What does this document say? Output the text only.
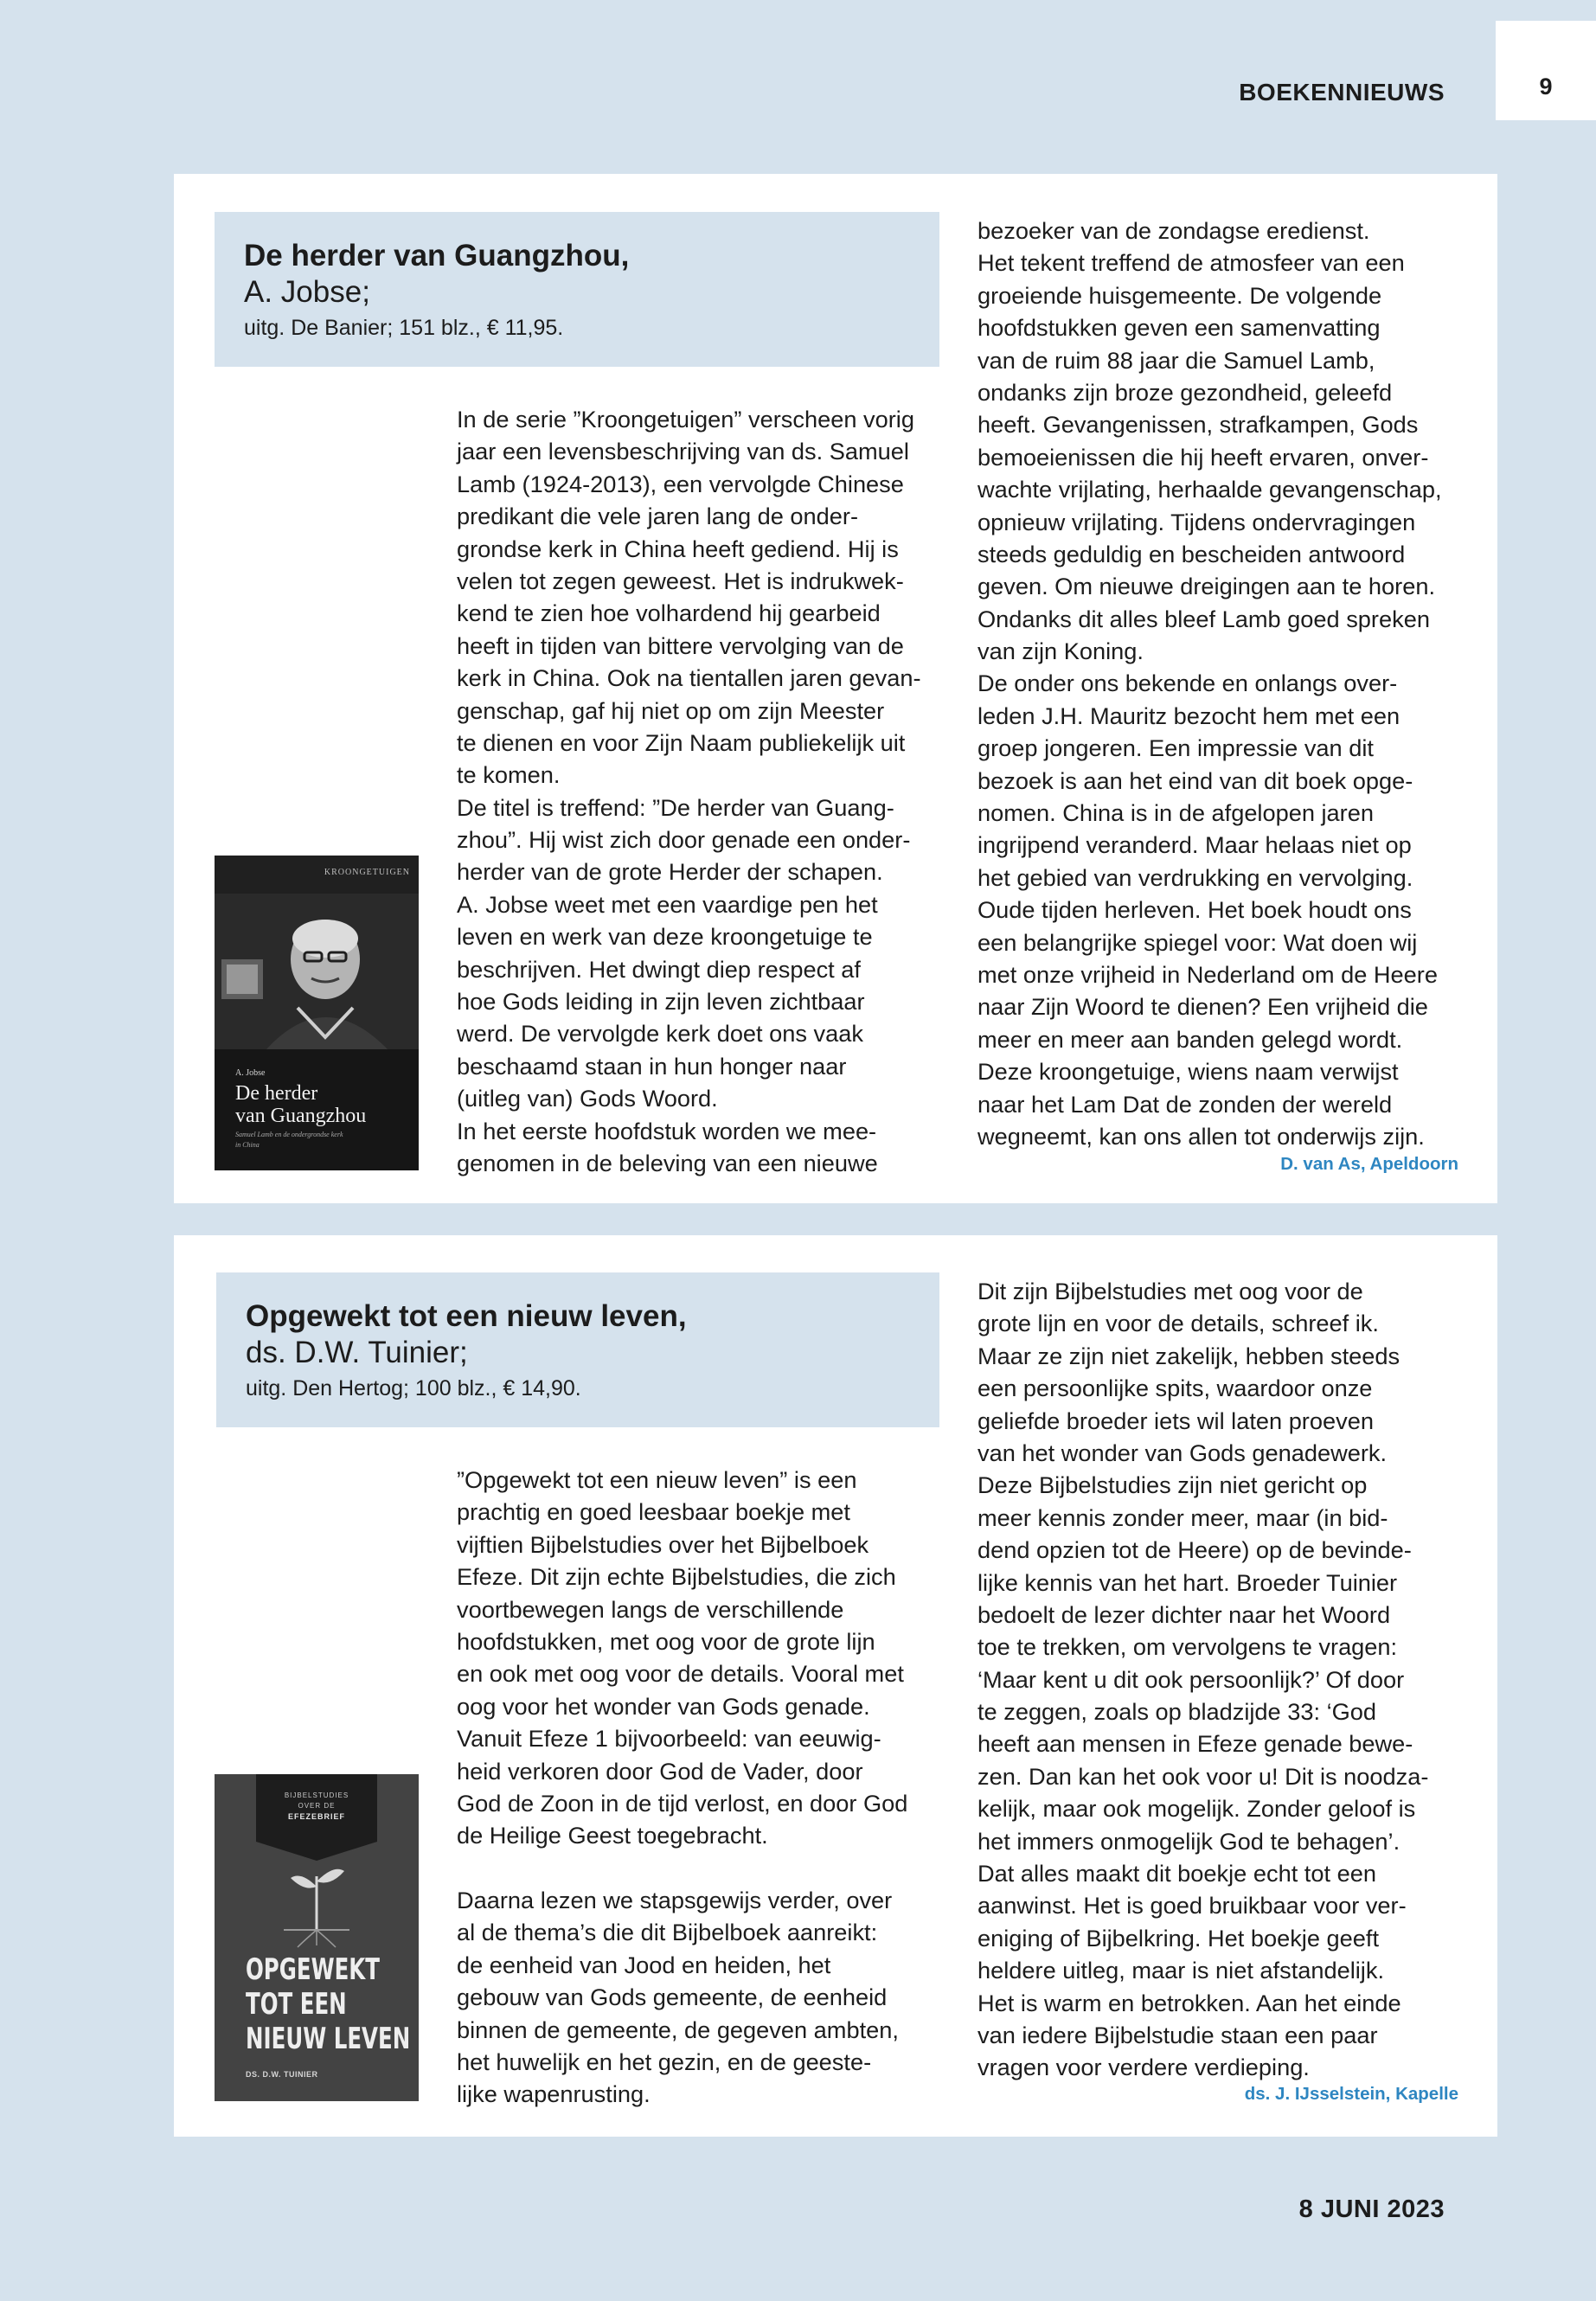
9
BOEKENNIEUWS
De herder van Guangzhou,
A. Jobse;
uitg. De Banier; 151 blz., € 11,95.
KROONGETUIGEN
A. Jobse
De herder
van Guangzhou
Samuel Lamb en de ondergrondse kerk
in China
In de serie ”Kroongetuigen” verscheen vorig
jaar een levensbeschrijving van ds. Samuel
Lamb (1924-2013), een vervolgde Chinese
predikant die vele jaren lang de onder-
grondse kerk in China heeft gediend. Hij is
velen tot zegen geweest. Het is indrukwek-
kend te zien hoe volhardend hij gearbeid
heeft in tijden van bittere vervolging van de
kerk in China. Ook na tientallen jaren gevan-
genschap, gaf hij niet op om zijn Meester
te dienen en voor Zijn Naam publiekelijk uit
te komen.
De titel is treffend: ”De herder van Guang-
zhou”. Hij wist zich door genade een onder-
herder van de grote Herder der schapen.
A. Jobse weet met een vaardige pen het
leven en werk van deze kroongetuige te
beschrijven. Het dwingt diep respect af
hoe Gods leiding in zijn leven zichtbaar
werd. De vervolgde kerk doet ons vaak
beschaamd staan in hun honger naar
(uitleg van) Gods Woord.
In het eerste hoofdstuk worden we mee-
genomen in de beleving van een nieuwe
bezoeker van de zondagse eredienst.
Het tekent treffend de atmosfeer van een
groeiende huisgemeente. De volgende
hoofdstukken geven een samenvatting
van de ruim 88 jaar die Samuel Lamb,
ondanks zijn broze gezondheid, geleefd
heeft. Gevangenissen, strafkampen, Gods
bemoeienissen die hij heeft ervaren, onver-
wachte vrijlating, herhaalde gevangenschap,
opnieuw vrijlating. Tijdens ondervragingen
steeds geduldig en bescheiden antwoord
geven. Om nieuwe dreigingen aan te horen.
Ondanks dit alles bleef Lamb goed spreken
van zijn Koning.
De onder ons bekende en onlangs over-
leden J.H. Mauritz bezocht hem met een
groep jongeren. Een impressie van dit
bezoek is aan het eind van dit boek opge-
nomen. China is in de afgelopen jaren
ingrijpend veranderd. Maar helaas niet op
het gebied van verdrukking en vervolging.
Oude tijden herleven. Het boek houdt ons
een belangrijke spiegel voor: Wat doen wij
met onze vrijheid in Nederland om de Heere
naar Zijn Woord te dienen? Een vrijheid die
meer en meer aan banden gelegd wordt.
Deze kroongetuige, wiens naam verwijst
naar het Lam Dat de zonden der wereld
wegneemt, kan ons allen tot onderwijs zijn.
D. van As, Apeldoorn
Opgewekt tot een nieuw leven,
ds. D.W. Tuinier;
uitg. Den Hertog; 100 blz., € 14,90.
BIJBELSTUDIES
OVER DE
EFEZEBRIEF
OPGEWEKT
TOT EEN
NIEUW LEVEN
DS. D.W. TUINIER
”Opgewekt tot een nieuw leven” is een
prachtig en goed leesbaar boekje met
vijftien Bijbelstudies over het Bijbelboek
Efeze. Dit zijn echte Bijbelstudies, die zich
voortbewegen langs de verschillende
hoofdstukken, met oog voor de grote lijn
en ook met oog voor de details. Vooral met
oog voor het wonder van Gods genade.
Vanuit Efeze 1 bijvoorbeeld: van eeuwig-
heid verkoren door God de Vader, door
God de Zoon in de tijd verlost, en door God
de Heilige Geest toegebracht.
Daarna lezen we stapsgewijs verder, over
al de thema’s die dit Bijbelboek aanreikt:
de eenheid van Jood en heiden, het
gebouw van Gods gemeente, de eenheid
binnen de gemeente, de gegeven ambten,
het huwelijk en het gezin, en de geeste-
lijke wapenrusting.
Dit zijn Bijbelstudies met oog voor de
grote lijn en voor de details, schreef ik.
Maar ze zijn niet zakelijk, hebben steeds
een persoonlijke spits, waardoor onze
geliefde broeder iets wil laten proeven
van het wonder van Gods genadewerk.
Deze Bijbelstudies zijn niet gericht op
meer kennis zonder meer, maar (in bid-
dend opzien tot de Heere) op de bevinde-
lijke kennis van het hart. Broeder Tuinier
bedoelt de lezer dichter naar het Woord
toe te trekken, om vervolgens te vragen:
‘Maar kent u dit ook persoonlijk?’ Of door
te zeggen, zoals op bladzijde 33: ‘God
heeft aan mensen in Efeze genade bewe-
zen. Dan kan het ook voor u! Dit is noodza-
kelijk, maar ook mogelijk. Zonder geloof is
het immers onmogelijk God te behagen’.
Dat alles maakt dit boekje echt tot een
aanwinst. Het is goed bruikbaar voor ver-
eniging of Bijbelkring. Het boekje geeft
heldere uitleg, maar is niet afstandelijk.
Het is warm en betrokken. Aan het einde
van iedere Bijbelstudie staan een paar
vragen voor verdere verdieping.
ds. J. IJsselstein, Kapelle
8 JUNI 2023
